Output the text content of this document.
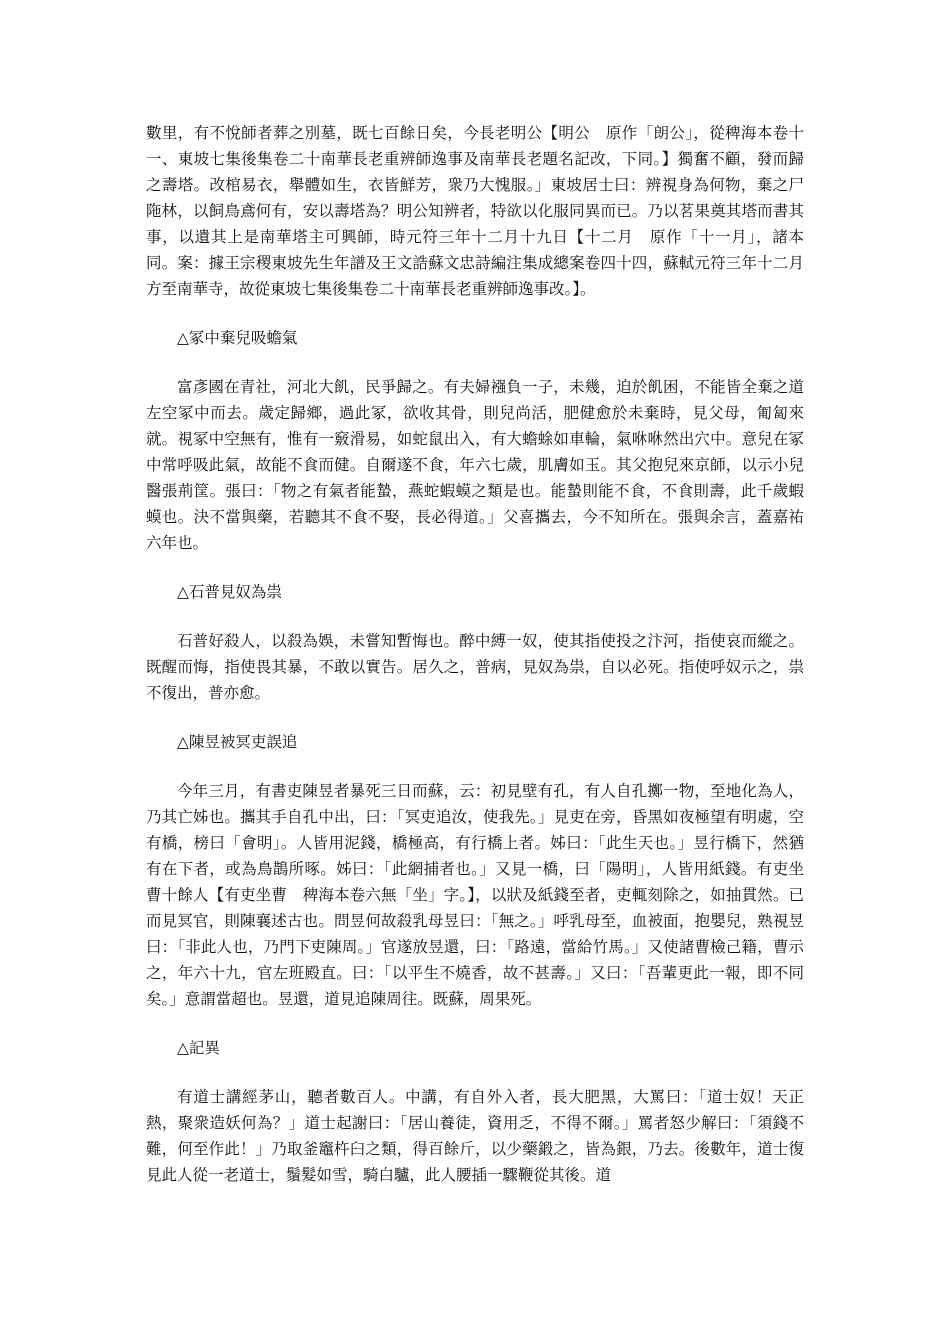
數里，有不悅師者葬之別墓，既七百餘日矣，今長老明公【明公　原作「朗公」，從稗海本卷十一、東坡七集後集卷二十南華長老重辨師逸事及南華長老題名記改，下同。】獨奮不顧，發而歸之壽塔。改棺易衣，舉體如生，衣皆鮮芳，衆乃大愧服。」東坡居士曰：辨視身為何物，棄之尸陁林，以飼鳥鳶何有，安以壽塔為？明公知辨者，特欲以化服同異而已。乃以茗果奠其塔而書其事，以遺其上是南華塔主可興師，時元符三年十二月十九日【十二月　原作「十一月」，諸本同。案：據王宗稷東坡先生年譜及王文誥蘇文忠詩編注集成總案卷四十四，蘇軾元符三年十二月方至南華寺，故從東坡七集後集卷二十南華長老重辨師逸事改。】。

△冢中棄兒吸蟾氣

富彥國在青社，河北大飢，民爭歸之。有夫婦襁負一子，未幾，迫於飢困，不能皆全棄之道左空冢中而去。歲定歸鄉，過此冢，欲收其骨，則兒尚活，肥健愈於未棄時，見父母，匍匐來就。視冢中空無有，惟有一竅滑易，如蛇鼠出入，有大蟾蜍如車輪，氣咻咻然出穴中。意兒在冢中常呼吸此氣，故能不食而健。自爾遂不食，年六七歲，肌膚如玉。其父抱兒來京師，以示小兒醫張荊筐。張曰：「物之有氣者能蟄，燕蛇蝦蟆之類是也。能蟄則能不食，不食則壽，此千歲蝦蟆也。決不當與藥，若聽其不食不娶，長必得道。」父喜攜去，今不知所在。張與余言，蓋嘉祐六年也。

△石普見奴為祟

石普好殺人，以殺為娛，未嘗知暫悔也。醉中縛一奴，使其指使投之汴河，指使哀而縱之。既醒而悔，指使畏其暴，不敢以實告。居久之，普病，見奴為祟，自以必死。指使呼奴示之，祟不復出，普亦愈。

△陳昱被冥吏誤追

今年三月，有書吏陳昱者暴死三日而蘇，云：初見壁有孔，有人自孔擲一物，至地化為人，乃其亡姊也。攜其手自孔中出，曰：「冥吏追汝，使我先。」見吏在旁，昏黑如夜極望有明處，空有橋，榜曰「會明」。人皆用泥錢，橋極高，有行橋上者。姊曰：「此生天也。」昱行橋下，然猶有在下者，或為鳥鵲所啄。姊曰：「此網捕者也。」又見一橋，曰「陽明」，人皆用紙錢。有吏坐曹十餘人【有吏坐曹　稗海本卷六無「坐」字。】，以狀及紙錢至者，吏輒刻除之，如抽貫然。已而見冥官，則陳襄述古也。問昱何故殺乳母昱曰：「無之。」呼乳母至，血被面，抱嬰兒，熟視昱曰：「非此人也，乃門下吏陳周。」官遂放昱還，曰：「路遠，當給竹馬。」又使諸曹檢己籍，曹示之，年六十九，官左班殿直。曰：「以平生不燒香，故不甚壽。」又曰：「吾輩更此一報，即不同矣。」意謂當超也。昱還，道見追陳周往。既蘇，周果死。

△記異

有道士講經茅山，聽者數百人。中講，有自外入者，長大肥黑，大罵曰：「道士奴！天正熱，聚衆造妖何為？」道士起謝曰：「居山養徒，資用乏，不得不爾。」罵者怒少解曰：「須錢不難，何至作此！」乃取釜竈杵臼之類，得百餘斤，以少藥鍛之，皆為銀，乃去。後數年，道士復見此人從一老道士，鬚髮如雪，騎白驢，此人腰插一驟鞭從其後。道
